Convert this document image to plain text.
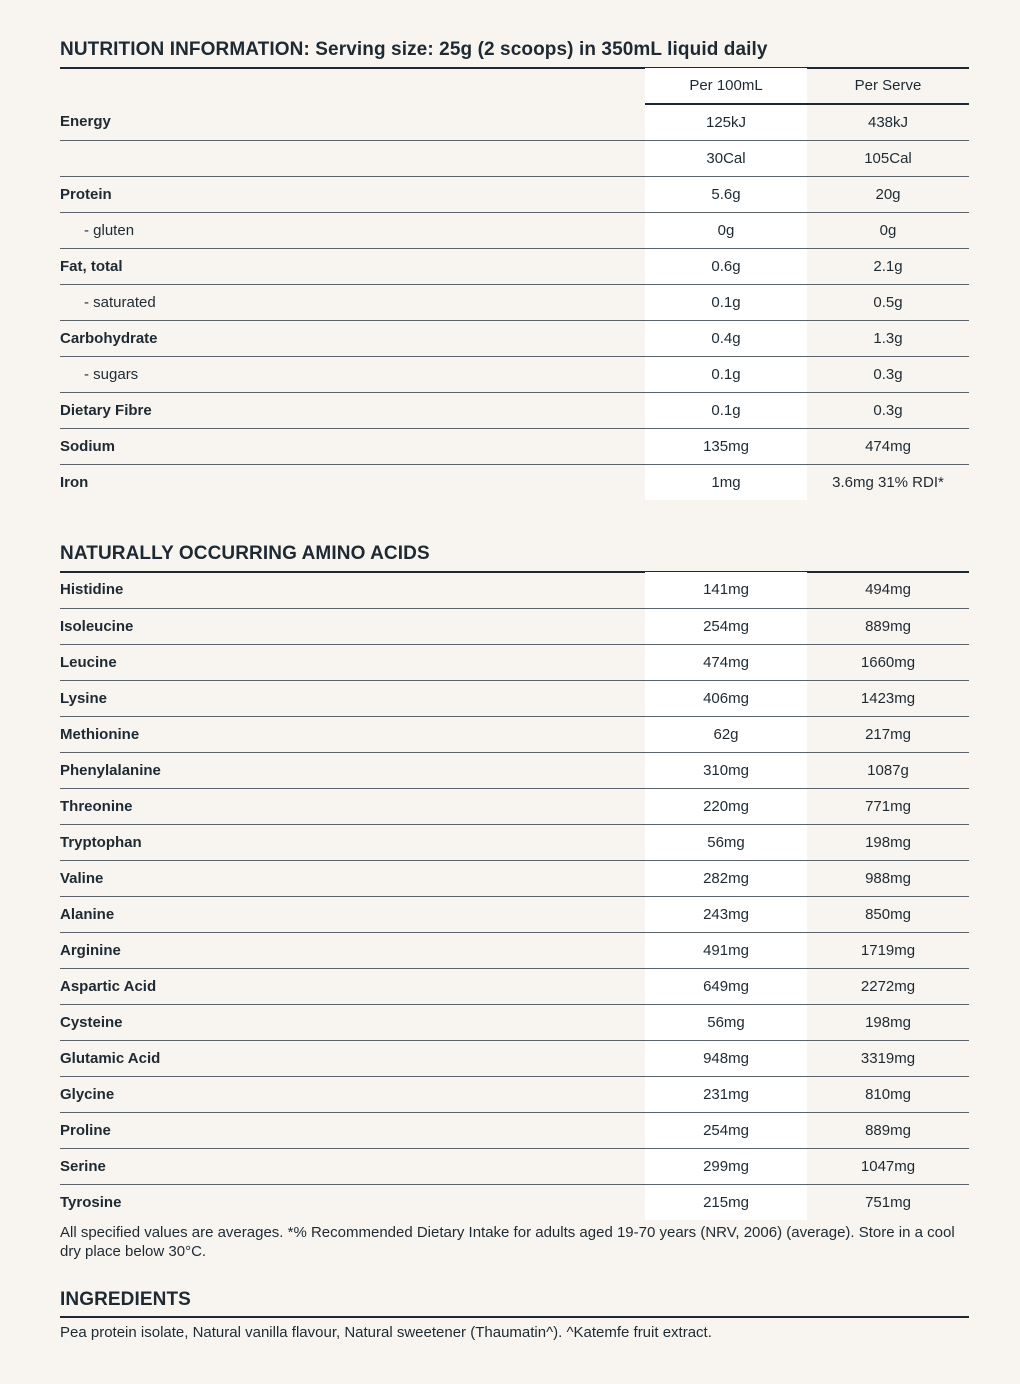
NUTRITION INFORMATION: Serving size: 25g (2 scoops) in 350mL liquid daily
	Per 100mL	Per Serve
Energy	125kJ	438kJ
	30Cal	105Cal
Protein	5.6g	20g
- gluten	0g	0g
Fat, total	0.6g	2.1g
- saturated	0.1g	0.5g
Carbohydrate	0.4g	1.3g
- sugars	0.1g	0.3g
Dietary Fibre	0.1g	0.3g
Sodium	135mg	474mg
Iron	1mg	3.6mg 31% RDI*
NATURALLY OCCURRING AMINO ACIDS
Histidine	141mg	494mg
Isoleucine	254mg	889mg
Leucine	474mg	1660mg
Lysine	406mg	1423mg
Methionine	62g	217mg
Phenylalanine	310mg	1087g
Threonine	220mg	771mg
Tryptophan	56mg	198mg
Valine	282mg	988mg
Alanine	243mg	850mg
Arginine	491mg	1719mg
Aspartic Acid	649mg	2272mg
Cysteine	56mg	198mg
Glutamic Acid	948mg	3319mg
Glycine	231mg	810mg
Proline	254mg	889mg
Serine	299mg	1047mg
Tyrosine	215mg	751mg
All specified values are averages. *% Recommended Dietary Intake for adults aged 19-70 years (NRV, 2006) (average). Store in a cool dry place below 30°C.
INGREDIENTS
Pea protein isolate, Natural vanilla flavour, Natural sweetener (Thaumatin^). ^Katemfe fruit extract.
